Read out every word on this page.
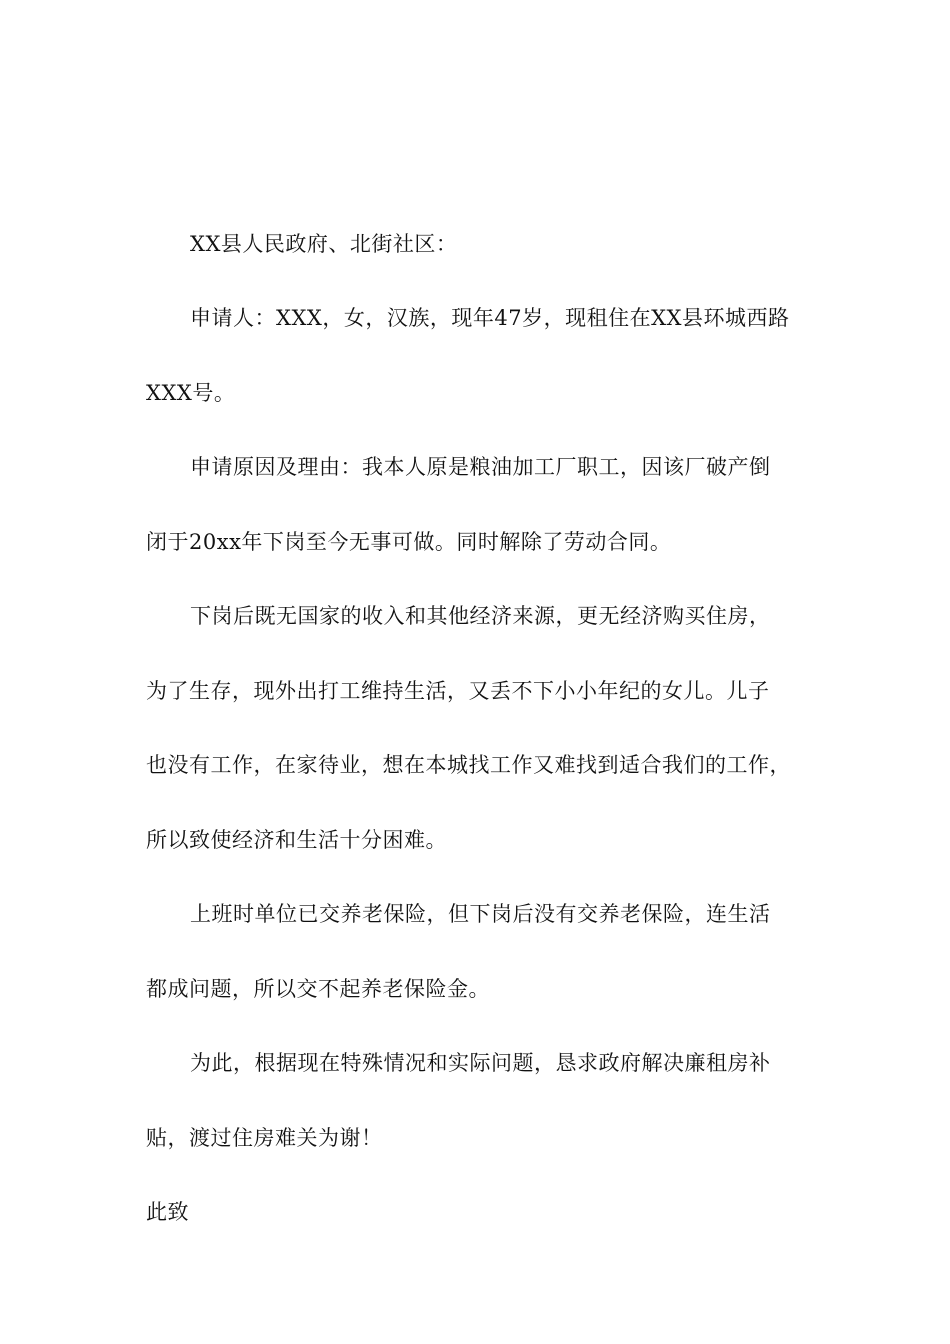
XX县人民政府、北街社区：
申请人：XXX，女，汉族，现年47岁，现租住在XX县环城西路
XXX号。
申请原因及理由：我本人原是粮油加工厂职工，因该厂破产倒
闭于20xx年下岗至今无事可做。同时解除了劳动合同。
下岗后既无国家的收入和其他经济来源，更无经济购买住房，
为了生存，现外出打工维持生活，又丢不下小小年纪的女儿。儿子
也没有工作，在家待业，想在本城找工作又难找到适合我们的工作，
所以致使经济和生活十分困难。
上班时单位已交养老保险，但下岗后没有交养老保险，连生活
都成问题，所以交不起养老保险金。
为此，根据现在特殊情况和实际问题，恳求政府解决廉租房补
贴，渡过住房难关为谢！
此致
